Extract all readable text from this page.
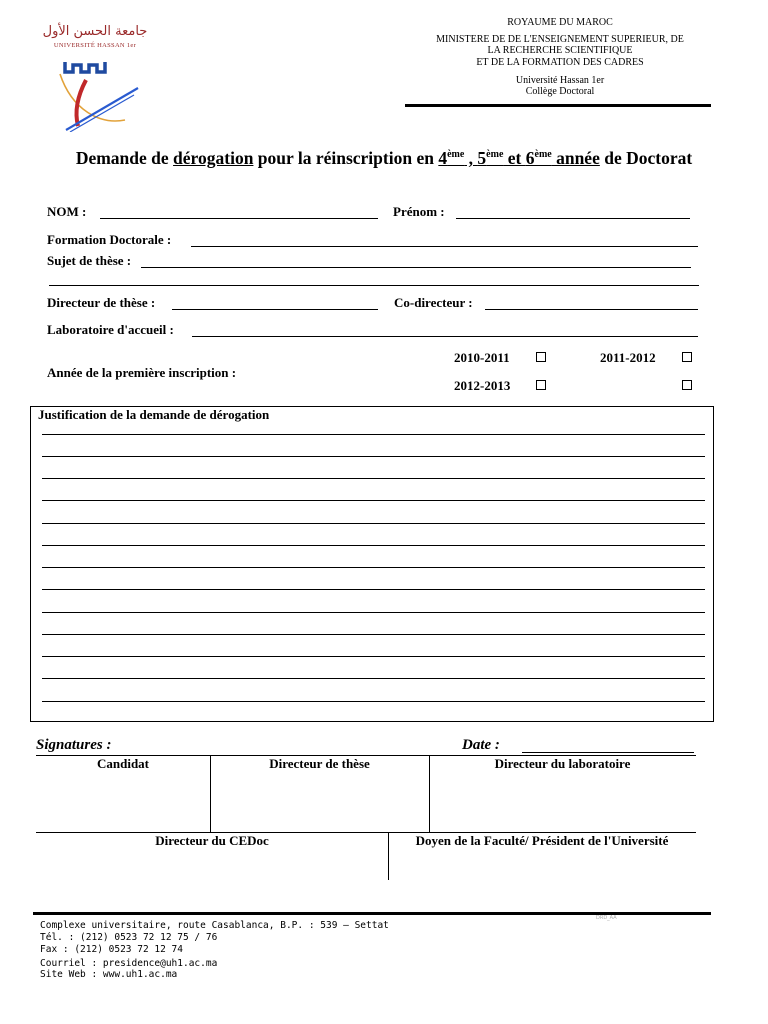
جامعة الحسن الأول
UNIVERSITÉ HASSAN 1er
ROYAUME DU MAROC
MINISTERE DE DE L'ENSEIGNEMENT SUPERIEUR, DE
LA RECHERCHE SCIENTIFIQUE
ET DE LA FORMATION DES CADRES
Université Hassan 1er
Collège Doctoral
Demande de dérogation pour la réinscription en 4ème , 5ème et 6ème année de Doctorat
NOM :	Prénom :
Formation Doctorale :
Sujet de thèse :
Directeur de thèse :	Co-directeur :
Laboratoire d'accueil :
2010-2011	2011-2012
Année de la première inscription :
2012-2013
Justification de la demande de dérogation
Signatures :	Date :
Candidat	Directeur de thèse	Directeur du laboratoire
Directeur du CEDoc	Doyen de la Faculté/ Président de l'Université
DRD_AA
Complexe universitaire, route Casablanca, B.P. : 539 – Settat
Tél. : (212) 0523 72 12 75 / 76
Fax : (212) 0523 72 12 74
Courriel : presidence@uh1.ac.ma
Site Web : www.uh1.ac.ma
